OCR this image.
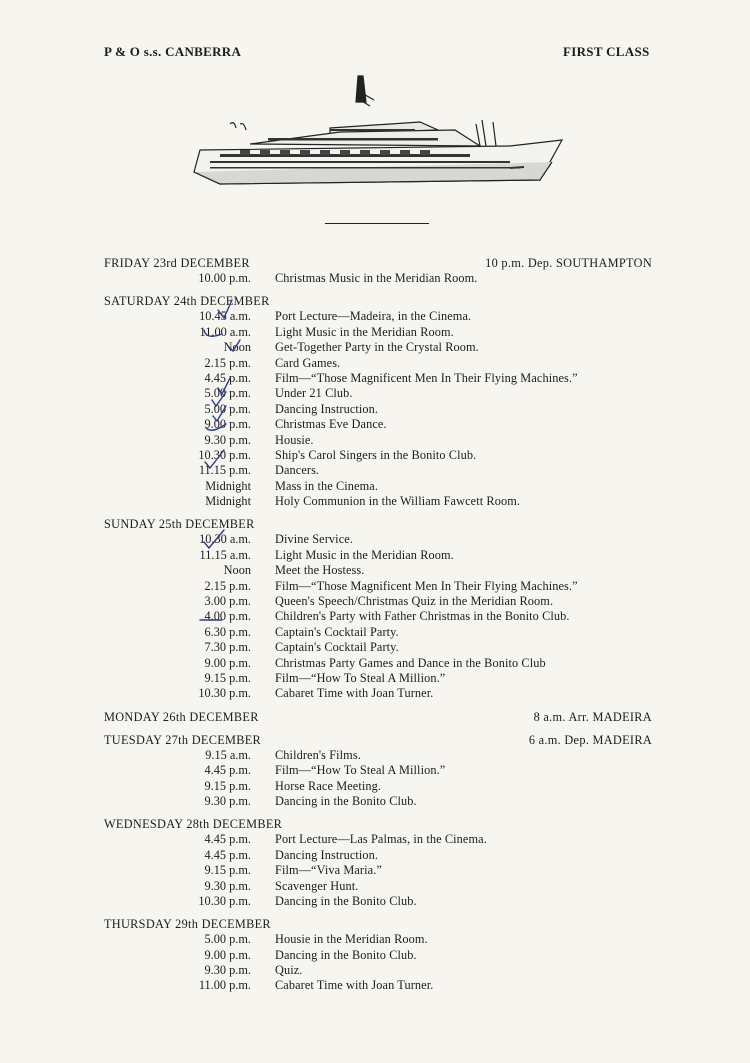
P & O s.s. CANBERRA	FIRST CLASS
FRIDAY 23rd DECEMBER	10 p.m. Dep. SOUTHAMPTON
10.00 p.m.	Christmas Music in the Meridian Room.
SATURDAY 24th DECEMBER
10.45 a.m.	Port Lecture—Madeira, in the Cinema.
11.00 a.m.	Light Music in the Meridian Room.
Noon	Get-Together Party in the Crystal Room.
2.15 p.m.	Card Games.
4.45 p.m.	Film—“Those Magnificent Men In Their Flying Machines.”
5.00 p.m.	Under 21 Club.
5.00 p.m.	Dancing Instruction.
9.00 p.m.	Christmas Eve Dance.
9.30 p.m.	Housie.
10.30 p.m.	Ship's Carol Singers in the Bonito Club.
11.15 p.m.	Dancers.
Midnight	Mass in the Cinema.
Midnight	Holy Communion in the William Fawcett Room.
SUNDAY 25th DECEMBER
10.30 a.m.	Divine Service.
11.15 a.m.	Light Music in the Meridian Room.
Noon	Meet the Hostess.
2.15 p.m.	Film—“Those Magnificent Men In Their Flying Machines.”
3.00 p.m.	Queen's Speech/Christmas Quiz in the Meridian Room.
4.00 p.m.	Children's Party with Father Christmas in the Bonito Club.
6.30 p.m.	Captain's Cocktail Party.
7.30 p.m.	Captain's Cocktail Party.
9.00 p.m.	Christmas Party Games and Dance in the Bonito Club
9.15 p.m.	Film—“How To Steal A Million.”
10.30 p.m.	Cabaret Time with Joan Turner.
MONDAY 26th DECEMBER	8 a.m. Arr. MADEIRA
TUESDAY 27th DECEMBER	6 a.m. Dep. MADEIRA
9.15 a.m.	Children's Films.
4.45 p.m.	Film—“How To Steal A Million.”
9.15 p.m.	Horse Race Meeting.
9.30 p.m.	Dancing in the Bonito Club.
WEDNESDAY 28th DECEMBER
4.45 p.m.	Port Lecture—Las Palmas, in the Cinema.
4.45 p.m.	Dancing Instruction.
9.15 p.m.	Film—“Viva Maria.”
9.30 p.m.	Scavenger Hunt.
10.30 p.m.	Dancing in the Bonito Club.
THURSDAY 29th DECEMBER
5.00 p.m.	Housie in the Meridian Room.
9.00 p.m.	Dancing in the Bonito Club.
9.30 p.m.	Quiz.
11.00 p.m.	Cabaret Time with Joan Turner.
